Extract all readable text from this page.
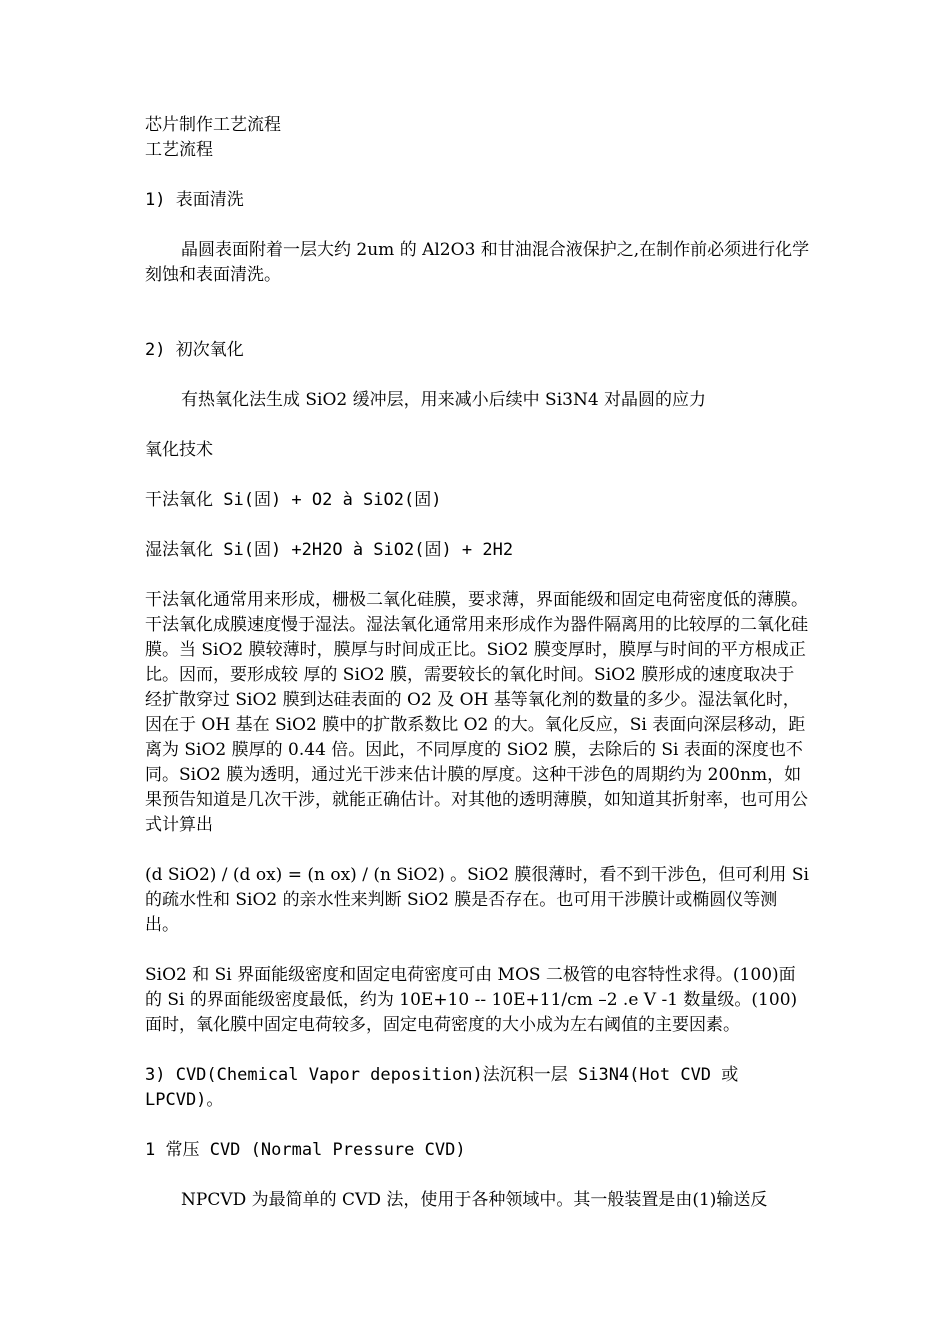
芯片制作工艺流程

工艺流程

1) 表面清洗

晶圆表面附着一层大约 2um 的 Al2O3 和甘油混合液保护之,在制作前必须进行化学刻蚀和表面清洗。

2) 初次氧化

有热氧化法生成 SiO2 缓冲层，用来减小后续中 Si3N4 对晶圆的应力

氧化技术

干法氧化 Si(固) + O2 à SiO2(固)

湿法氧化 Si(固) +2H2O à SiO2(固) + 2H2

干法氧化通常用来形成，栅极二氧化硅膜，要求薄，界面能级和固定电荷密度低的薄膜。干法氧化成膜速度慢于湿法。湿法氧化通常用来形成作为器件隔离用的比较厚的二氧化硅膜。当 SiO2 膜较薄时，膜厚与时间成正比。SiO2 膜变厚时，膜厚与时间的平方根成正比。因而，要形成较 厚的 SiO2 膜，需要较长的氧化时间。SiO2 膜形成的速度取决于经扩散穿过 SiO2 膜到达硅表面的 O2 及 OH 基等氧化剂的数量的多少。湿法氧化时，因在于 OH 基在 SiO2 膜中的扩散系数比 O2 的大。氧化反应，Si 表面向深层移动，距离为 SiO2 膜厚的 0.44 倍。因此，不同厚度的 SiO2 膜，去除后的 Si 表面的深度也不同。SiO2 膜为透明，通过光干涉来估计膜的厚度。这种干涉色的周期约为 200nm，如果预告知道是几次干涉，就能正确估计。对其他的透明薄膜，如知道其折射率，也可用公式计算出

(d SiO2) / (d ox) = (n ox) / (n SiO2) 。SiO2 膜很薄时，看不到干涉色，但可利用 Si 的疏水性和 SiO2 的亲水性来判断 SiO2 膜是否存在。也可用干涉膜计或椭圆仪等测出。

SiO2 和 Si 界面能级密度和固定电荷密度可由 MOS 二极管的电容特性求得。(100)面的 Si 的界面能级密度最低，约为 10E+10 -- 10E+11/cm –2 .e V -1 数量级。(100)面时，氧化膜中固定电荷较多，固定电荷密度的大小成为左右阈值的主要因素。

3) CVD(Chemical Vapor deposition)法沉积一层 Si3N4(Hot CVD 或 LPCVD)。

1 常压 CVD (Normal Pressure CVD)

NPCVD 为最简单的 CVD 法，使用于各种领域中。其一般装置是由(1)输送反
